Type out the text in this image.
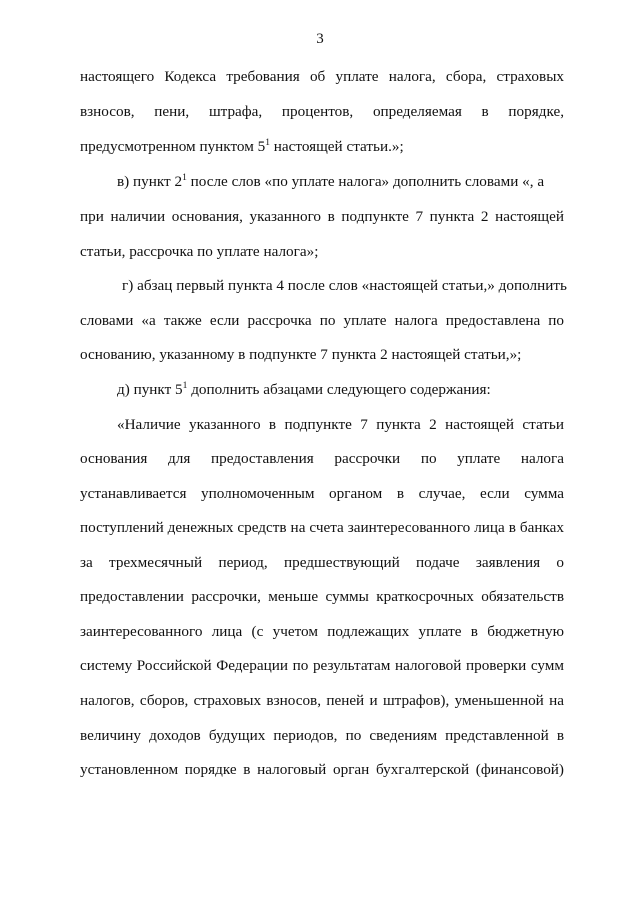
3
настоящего Кодекса требования об уплате налога, сбора, страховых
взносов, пени, штрафа, процентов, определяемая в порядке,
предусмотренном пунктом $5^1$ настоящей статьи.»;
в) пункт $2^1$ после слов «по уплате налога» дополнить словами «, а
при наличии основания, указанного в подпункте 7 пункта 2 настоящей
статьи, рассрочка по уплате налога»;
г) абзац первый пункта 4 после слов «настоящей статьи,» дополнить
словами «а также если рассрочка по уплате налога предоставлена по
основанию, указанному в подпункте 7 пункта 2 настоящей статьи,»;
д) пункт $5^1$ дополнить абзацами следующего содержания:
«Наличие указанного в подпункте 7 пункта 2 настоящей статьи
основания для предоставления рассрочки по уплате налога
устанавливается уполномоченным органом в случае, если сумма
поступлений денежных средств на счета заинтересованного лица в банках
за трехмесячный период, предшествующий подаче заявления о
предоставлении рассрочки, меньше суммы краткосрочных обязательств
заинтересованного лица (с учетом подлежащих уплате в бюджетную
систему Российской Федерации по результатам налоговой проверки сумм
налогов, сборов, страховых взносов, пеней и штрафов), уменьшенной на
величину доходов будущих периодов, по сведениям представленной в
установленном порядке в налоговый орган бухгалтерской (финансовой)
